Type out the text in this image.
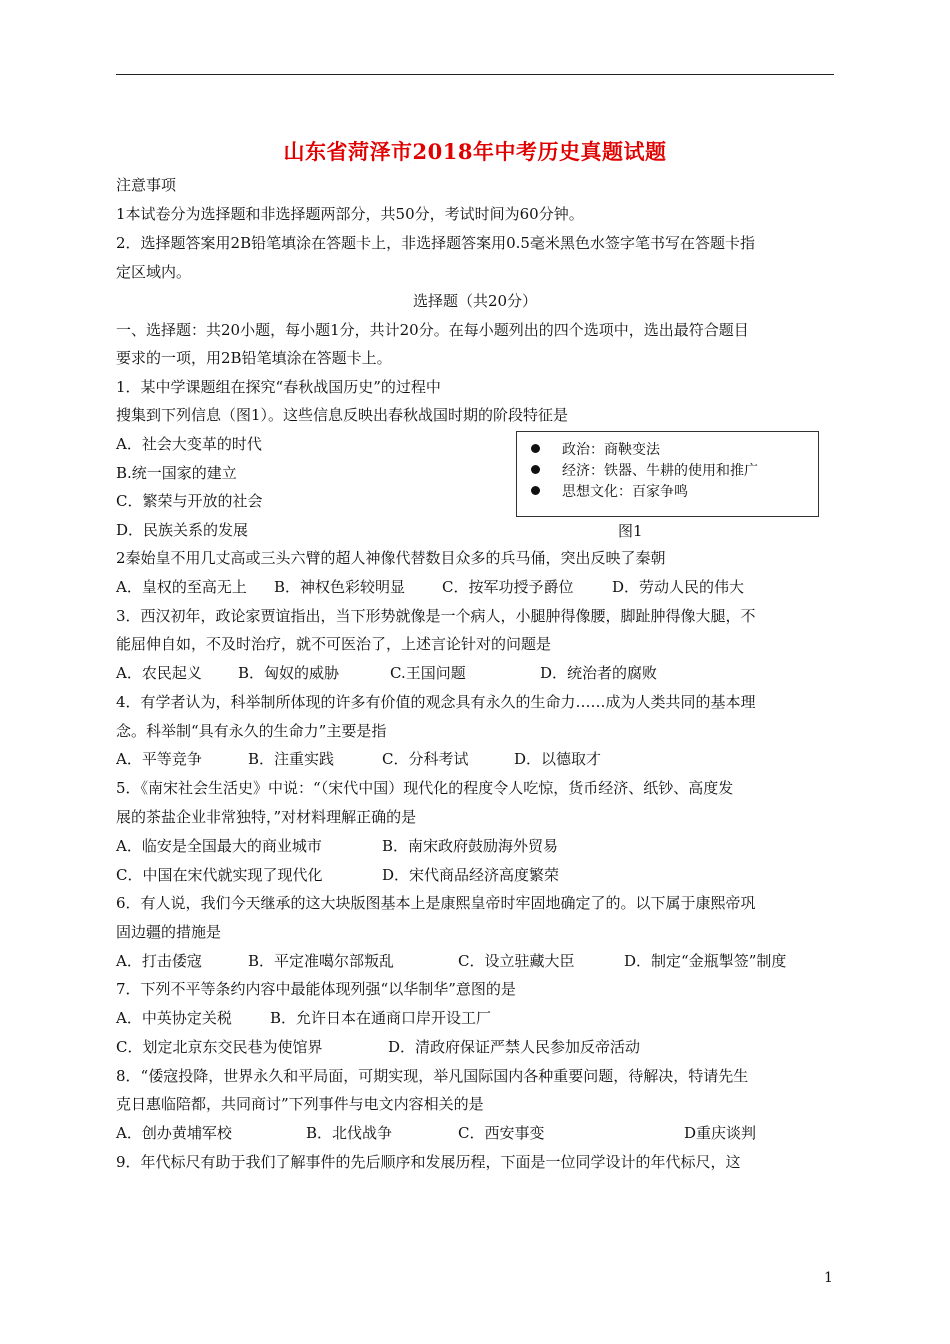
山东省菏泽市2018年中考历史真题试题
注意事项
1本试卷分为选择题和非选择题两部分，共50分，考试时间为60分钟。
2．选择题答案用2B铅笔填涂在答题卡上，非选择题答案用0.5毫米黑色水签字笔书写在答题卡指
定区域内。
选择题（共20分）
一、选择题：共20小题，每小题1分，共计20分。在每小题列出的四个选项中，选出最符合题目
要求的一项，用2B铅笔填涂在答题卡上。
1．某中学课题组在探究“春秋战国历史”的过程中
搜集到下列信息（图1）。这些信息反映出春秋战国时期的阶段特征是
A．社会大变革的时代
B.统一国家的建立
C．繁荣与开放的社会
D．民族关系的发展
政治：商鞅变法
经济：铁器、牛耕的使用和推广
思想文化：百家争鸣
图1
2秦始皇不用几丈高或三头六臂的超人神像代替数目众多的兵马俑，突出反映了秦朝
A．皇权的至高无上 B．神权色彩较明显 C．按军功授予爵位	D．劳动人民的伟大
3．西汉初年，政论家贾谊指出，当下形势就像是一个病人，小腿肿得像腰，脚趾肿得像大腿，不
能屈伸自如，不及时治疗，就不可医治了，上述言论针对的问题是
A．农民起义 B．匈奴的威胁	C.王国问题	D．统治者的腐败
4．有学者认为，科举制所体现的许多有价值的观念具有永久的生命力……成为人类共同的基本理
念。科举制“具有永久的生命力”主要是指
A．平等竞争	B．注重实践	C．分科考试	D．以德取才
5．《南宋社会生活史》中说：“（宋代中国）现代化的程度令人吃惊，货币经济、纸钞、高度发
展的茶盐企业非常独特，”对材料理解正确的是
A．临安是全国最大的商业城市	B．南宋政府鼓励海外贸易
C．中国在宋代就实现了现代化	D．宋代商品经济高度繁荣
6．有人说，我们今天继承的这大块版图基本上是康熙皇帝时牢固地确定了的。以下属于康熙帝巩
固边疆的措施是
A．打击倭寇	B．平定准噶尔部叛乱	C．设立驻藏大臣	D．制定“金瓶掣签”制度
7．下列不平等条约内容中最能体现列强“以华制华”意图的是
A．中英协定关税	B．允许日本在通商口岸开设工厂
C．划定北京东交民巷为使馆界	D．清政府保证严禁人民参加反帝活动
8．“倭寇投降，世界永久和平局面，可期实现，举凡国际国内各种重要问题，待解决，特请先生
克日惠临陪都，共同商讨”下列事件与电文内容相关的是
A．创办黄埔军校	B．北伐战争	C．西安事变	D重庆谈判
9．年代标尺有助于我们了解事件的先后顺序和发展历程，下面是一位同学设计的年代标尺，这
1
